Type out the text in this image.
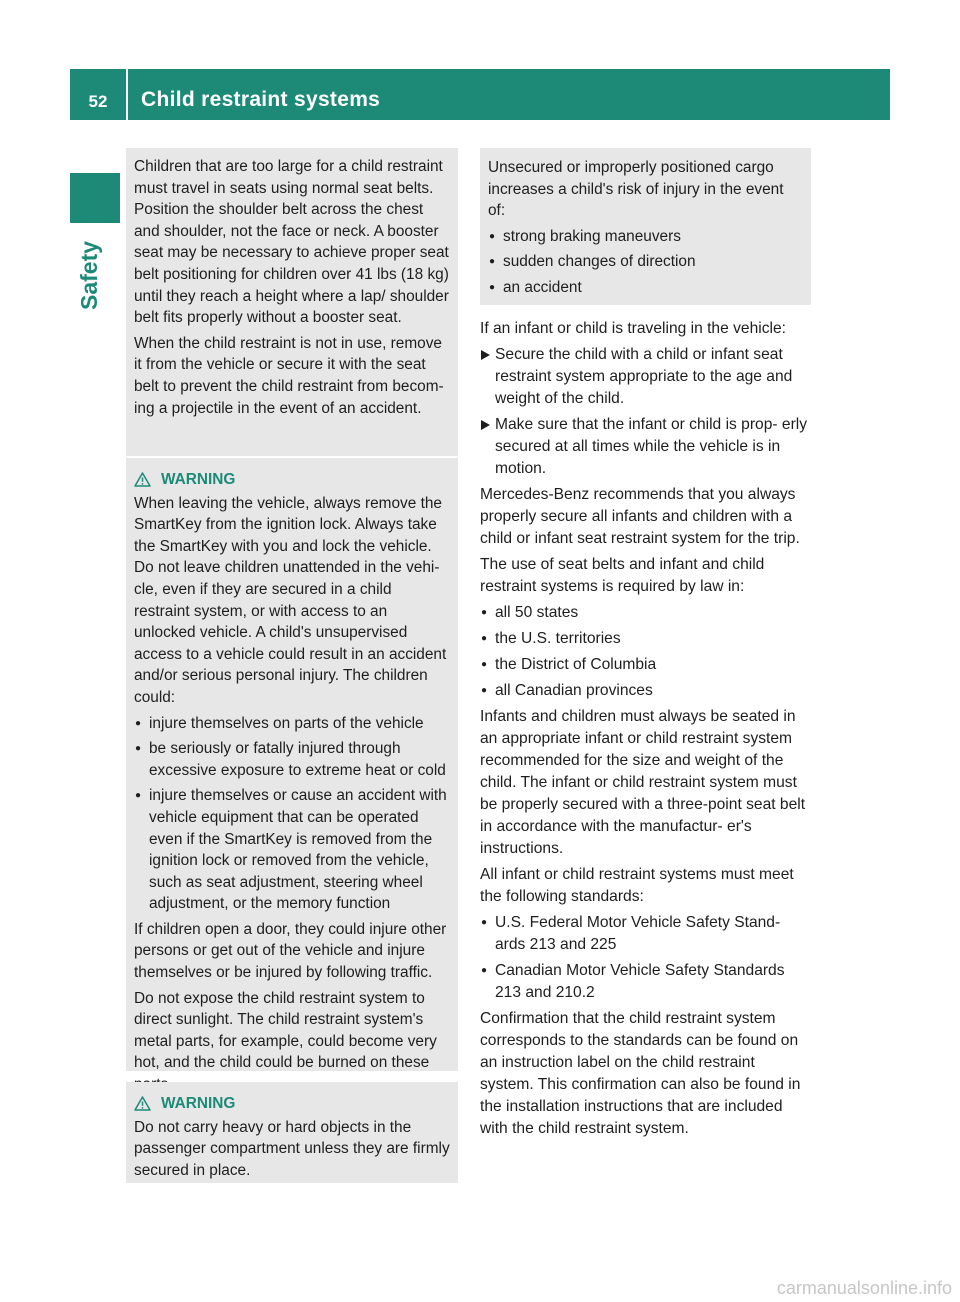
52	Child restraint systems
Safety

Children that are too large for a child restraint must travel in seats using normal seat belts. Position the shoulder belt across the chest and shoulder, not the face or neck. A booster seat may be necessary to achieve proper seat belt positioning for children over 41 lbs (18 kg) until they reach a height where a lap/ shoulder belt fits properly without a booster seat.

When the child restraint is not in use, remove it from the vehicle or secure it with the seat belt to prevent the child restraint from becom- ing a projectile in the event of an accident.

WARNING

When leaving the vehicle, always remove the SmartKey from the ignition lock. Always take the SmartKey with you and lock the vehicle. Do not leave children unattended in the vehi- cle, even if they are secured in a child restraint system, or with access to an unlocked vehicle. A child's unsupervised access to a vehicle could result in an accident and/or serious personal injury. The children could:

● injure themselves on parts of the vehicle
● be seriously or fatally injured through excessive exposure to extreme heat or cold
● injure themselves or cause an accident with vehicle equipment that can be operated even if the SmartKey is removed from the ignition lock or removed from the vehicle, such as seat adjustment, steering wheel adjustment, or the memory function

If children open a door, they could injure other persons or get out of the vehicle and injure themselves or be injured by following traffic.

Do not expose the child restraint system to direct sunlight. The child restraint system's metal parts, for example, could become very hot, and the child could be burned on these

WARNING

Do not carry heavy or hard objects in the passenger compartment unless they are firmly secured in place.

Unsecured or improperly positioned cargo increases a child's risk of injury in the event of:

● strong braking maneuvers
● sudden changes of direction
● an accident

If an infant or child is traveling in the vehicle:

Secure the child with a child or infant seat restraint system appropriate to the age and weight of the child.
Make sure that the infant or child is prop- erly secured at all times while the vehicle is in motion.

Mercedes-Benz recommends that you always properly secure all infants and children with a child or infant seat restraint system for the trip.

The use of seat belts and infant and child restraint systems is required by law in:

● all 50 states
● the U.S. territories
● the District of Columbia
● all Canadian provinces

Infants and children must always be seated in an appropriate infant or child restraint system recommended for the size and weight of the child. The infant or child restraint system must be properly secured with a three-point seat belt in accordance with the manufactur- er's instructions.

All infant or child restraint systems must meet the following standards:

● U.S. Federal Motor Vehicle Safety Stand- ards 213 and 225
● Canadian Motor Vehicle Safety Standards 213 and 210.2

Confirmation that the child restraint system corresponds to the standards can be found on an instruction label on the child restraint system. This confirmation can also be found in the installation instructions that are included with the child restraint system.

carmanualsonline.info
